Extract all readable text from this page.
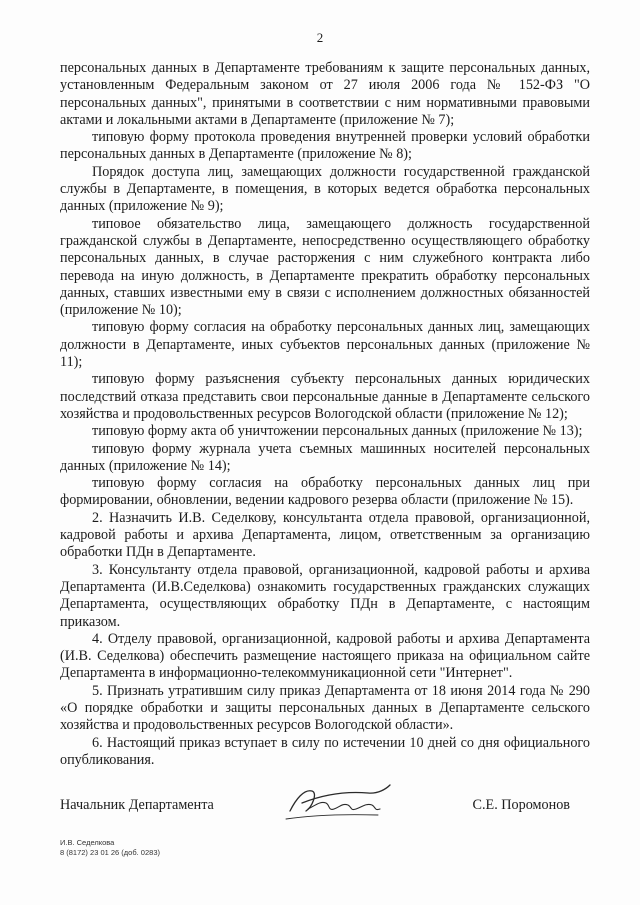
2

персональных данных в Департаменте требованиям к защите персональных данных, установленным Федеральным законом от 27 июля 2006 года № 152-ФЗ "О персональных данных", принятыми в соответствии с ним нормативными правовыми актами и локальными актами в Департаменте (приложение № 7);

типовую форму протокола проведения внутренней проверки условий обработки персональных данных в Департаменте (приложение № 8);

Порядок доступа лиц, замещающих должности государственной гражданской службы в Департаменте, в помещения, в которых ведется обработка персональных данных (приложение № 9);

типовое обязательство лица, замещающего должность государственной гражданской службы в Департаменте, непосредственно осуществляющего обработку персональных данных, в случае расторжения с ним служебного контракта либо перевода на иную должность, в Департаменте прекратить обработку персональных данных, ставших известными ему в связи с исполнением должностных обязанностей (приложение № 10);

типовую форму согласия на обработку персональных данных лиц, замещающих должности в Департаменте, иных субъектов персональных данных (приложение № 11);

типовую форму разъяснения субъекту персональных данных юридических последствий отказа представить свои персональные данные в Департаменте сельского хозяйства и продовольственных ресурсов Вологодской области (приложение № 12);

типовую форму акта об уничтожении персональных данных (приложение № 13);

типовую форму журнала учета съемных машинных носителей персональных данных (приложение № 14);

типовую форму согласия на обработку персональных данных лиц при формировании, обновлении, ведении кадрового резерва области (приложение № 15).

2. Назначить И.В. Седелкову, консультанта отдела правовой, организационной, кадровой работы и архива Департамента, лицом, ответственным за организацию обработки ПДн в Департаменте.

3. Консультанту отдела правовой, организационной, кадровой работы и архива Департамента (И.В.Седелкова) ознакомить государственных гражданских служащих Департамента, осуществляющих обработку ПДн в Департаменте, с настоящим приказом.

4. Отделу правовой, организационной, кадровой работы и архива Департамента (И.В. Седелкова) обеспечить размещение настоящего приказа на официальном сайте Департамента в информационно-телекоммуникационной сети "Интернет".

5. Признать утратившим силу приказ Департамента от 18 июня 2014 года № 290 «О порядке обработки и защиты персональных данных в Департаменте сельского хозяйства и продовольственных ресурсов Вологодской области».

6. Настоящий приказ вступает в силу по истечении 10 дней со дня официального опубликования.

Начальник Департамента	С.Е. Поромонов
И.В. Седелкова
8 (8172) 23 01 26 (доб. 0283)
